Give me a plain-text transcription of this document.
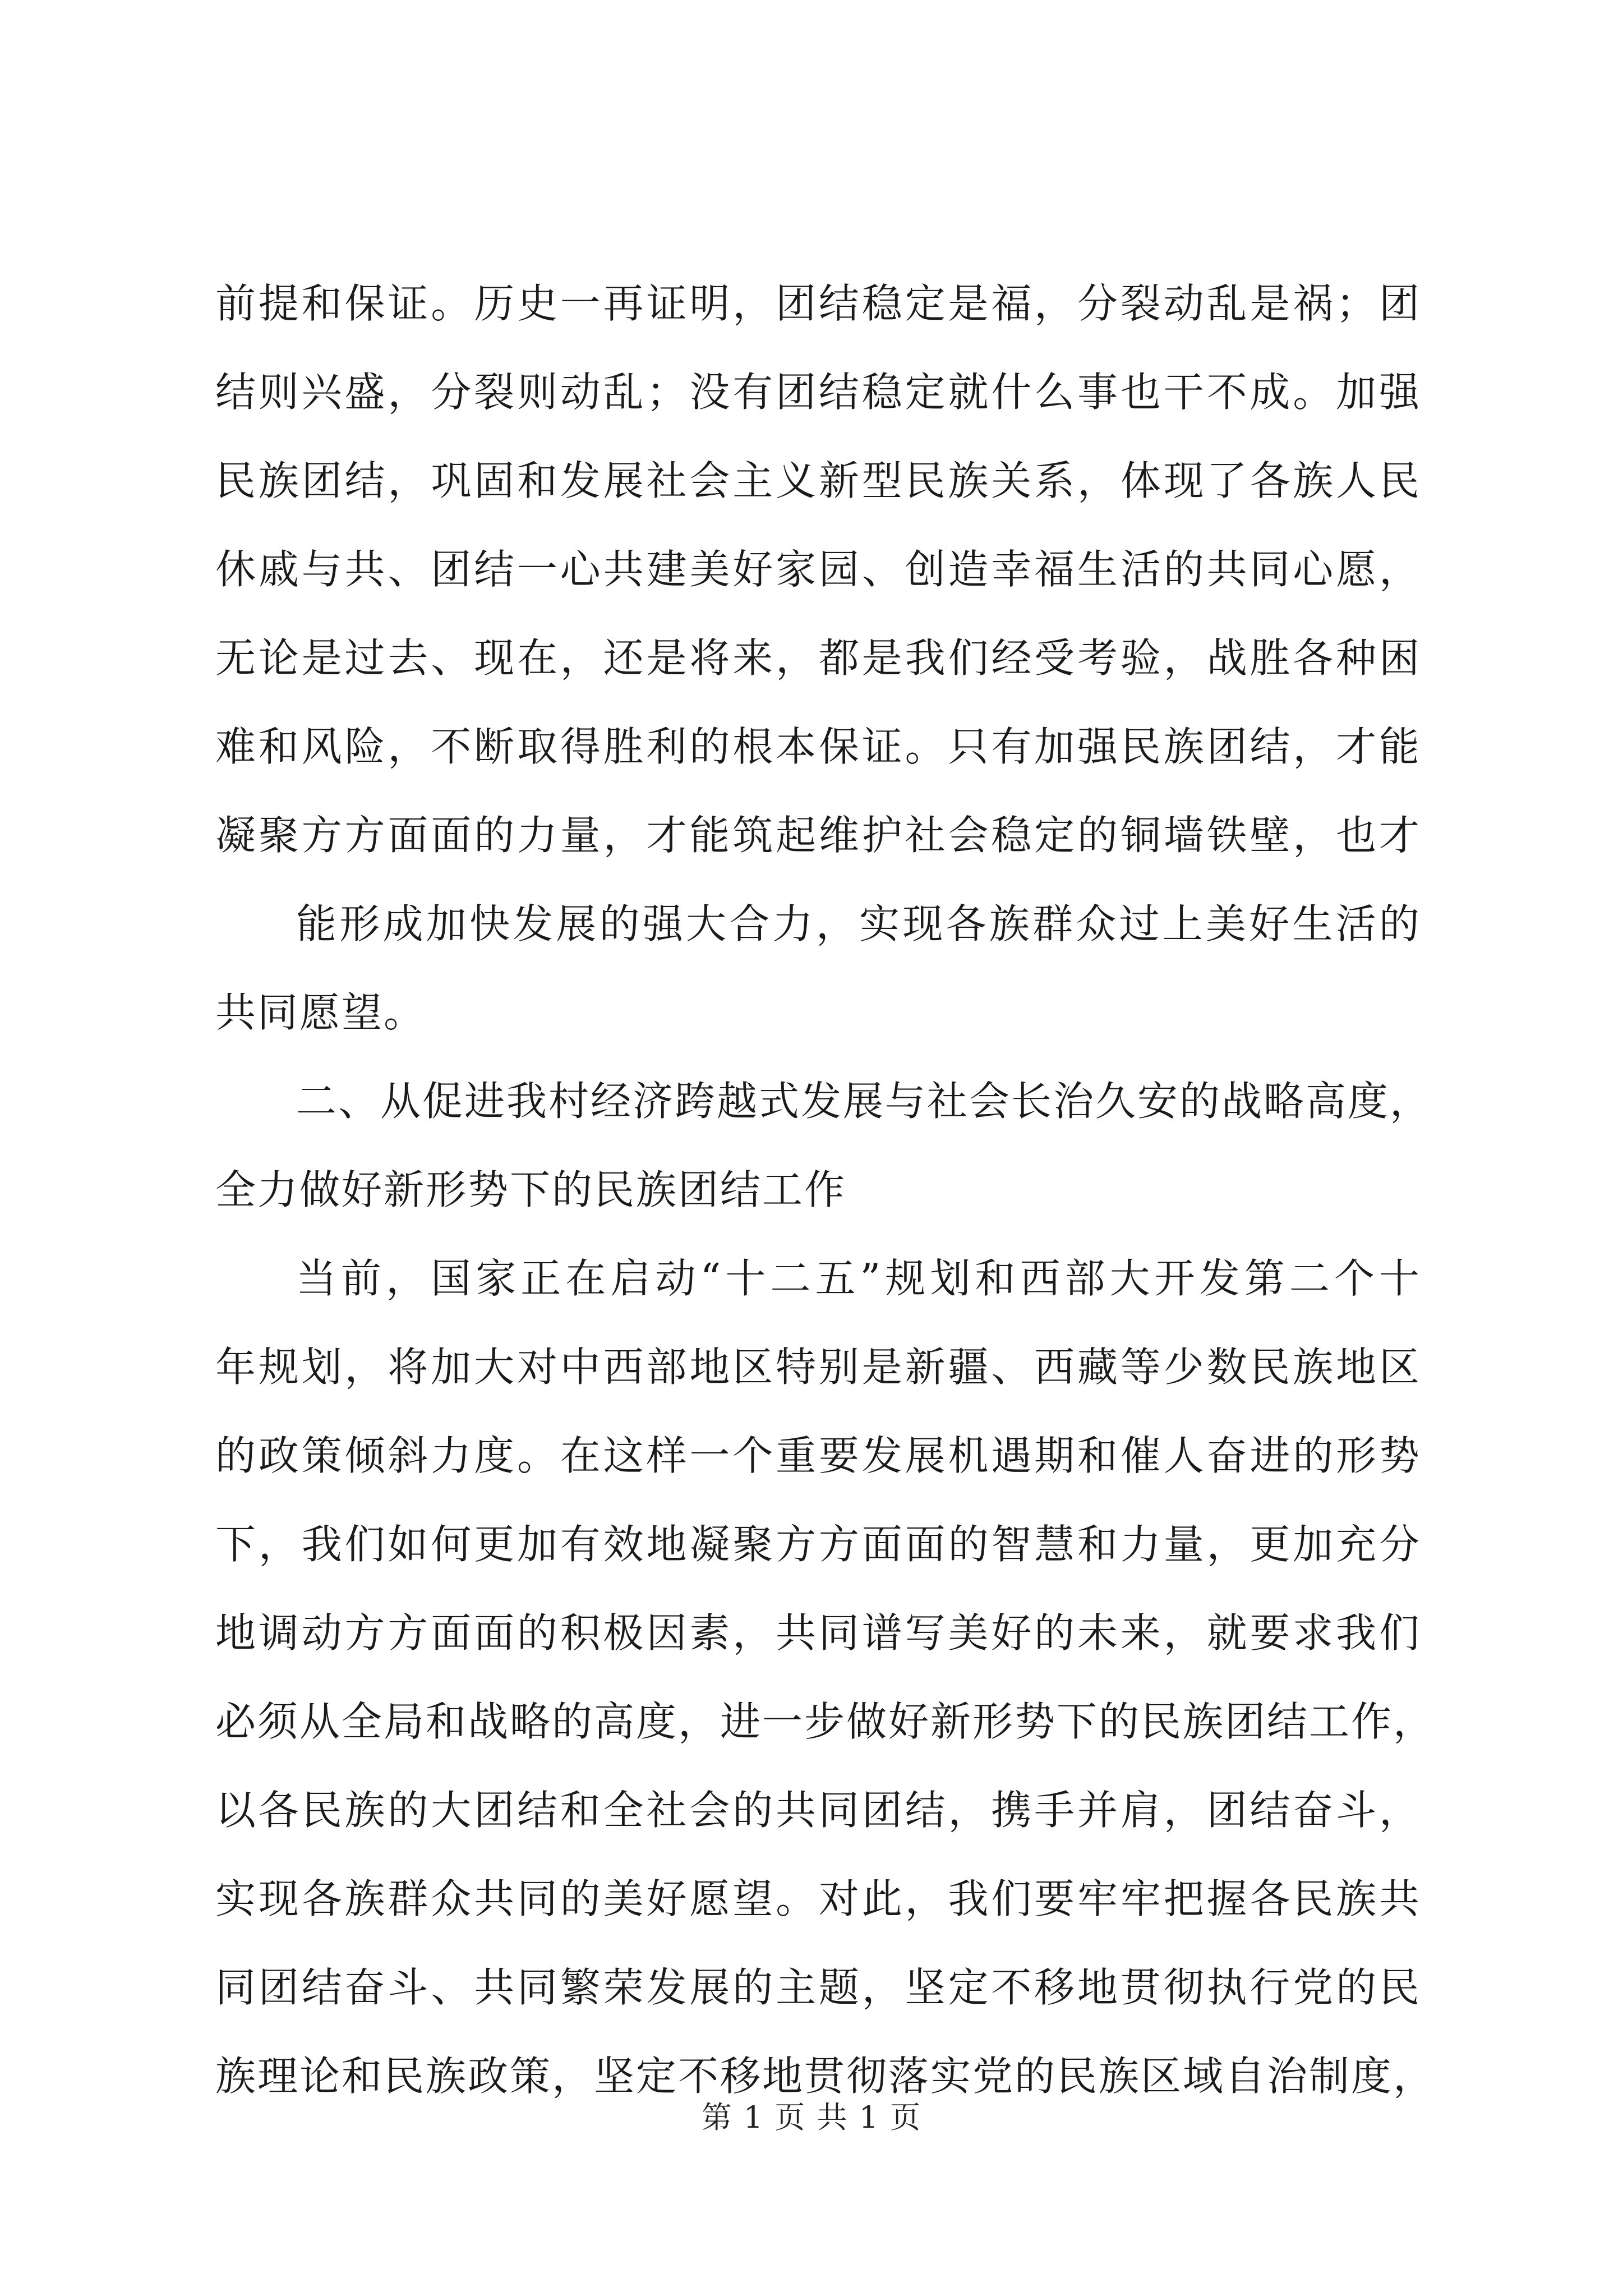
前提和保证。历史一再证明，团结稳定是福，分裂动乱是祸；团
结则兴盛，分裂则动乱；没有团结稳定就什么事也干不成。加强
民族团结，巩固和发展社会主义新型民族关系，体现了各族人民
休戚与共、团结一心共建美好家园、创造幸福生活的共同心愿，
无论是过去、现在，还是将来，都是我们经受考验，战胜各种困
难和风险，不断取得胜利的根本保证。只有加强民族团结，才能
凝聚方方面面的力量，才能筑起维护社会稳定的铜墙铁壁，也才
能形成加快发展的强大合力，实现各族群众过上美好生活的
共同愿望。
二、从促进我村经济跨越式发展与社会长治久安的战略高度，
全力做好新形势下的民族团结工作
当前，国家正在启动“十二五”规划和西部大开发第二个十
年规划，将加大对中西部地区特别是新疆、西藏等少数民族地区
的政策倾斜力度。在这样一个重要发展机遇期和催人奋进的形势
下，我们如何更加有效地凝聚方方面面的智慧和力量，更加充分
地调动方方面面的积极因素，共同谱写美好的未来，就要求我们
必须从全局和战略的高度，进一步做好新形势下的民族团结工作，
以各民族的大团结和全社会的共同团结，携手并肩，团结奋斗，
实现各族群众共同的美好愿望。对此，我们要牢牢把握各民族共
同团结奋斗、共同繁荣发展的主题，坚定不移地贯彻执行党的民
族理论和民族政策，坚定不移地贯彻落实党的民族区域自治制度，
第 1 页 共 1 页
